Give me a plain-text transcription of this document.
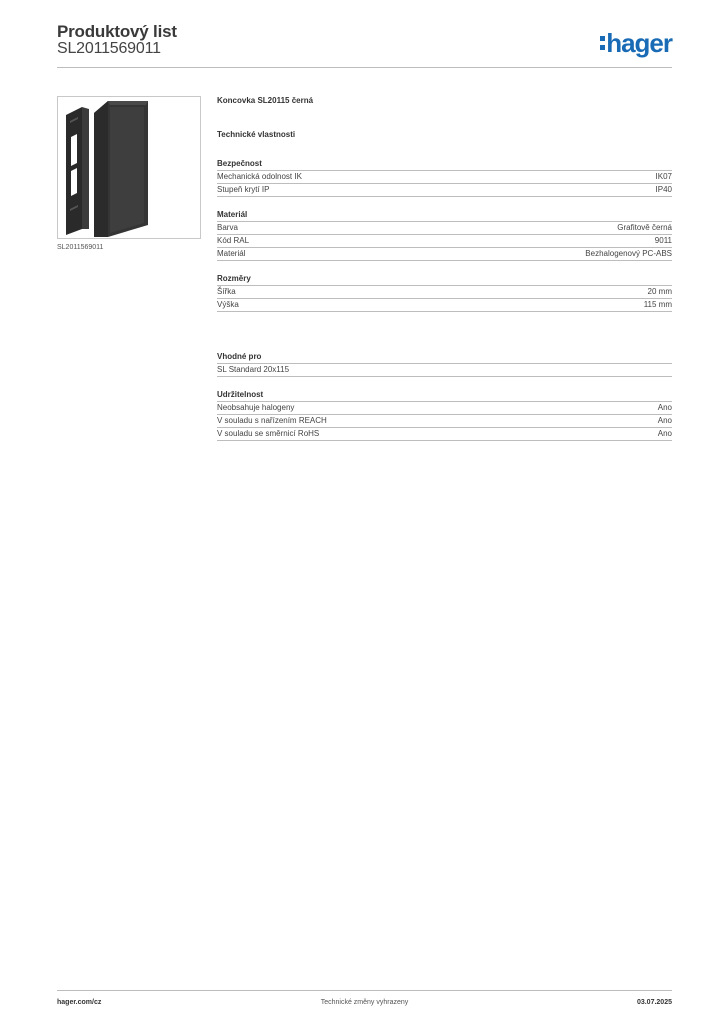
Produktový list
SL2011569011	hager
SL2011569011
Koncovka SL20115 černá
Technické vlastnosti
Bezpečnost
Mechanická odolnost IK	IK07
Stupeň krytí IP	IP40
Materiál
Barva	Grafitově černá
Kód RAL	9011
Materiál	Bezhalogenový PC-ABS
Rozměry
Šířka	20 mm
Výška	115 mm
Vhodné pro
SL Standard 20x115
Udržitelnost
Neobsahuje halogeny	Ano
V souladu s nařízením REACH	Ano
V souladu se směrnicí RoHS	Ano
hager.com/cz	Technické změny vyhrazeny	03.07.2025
